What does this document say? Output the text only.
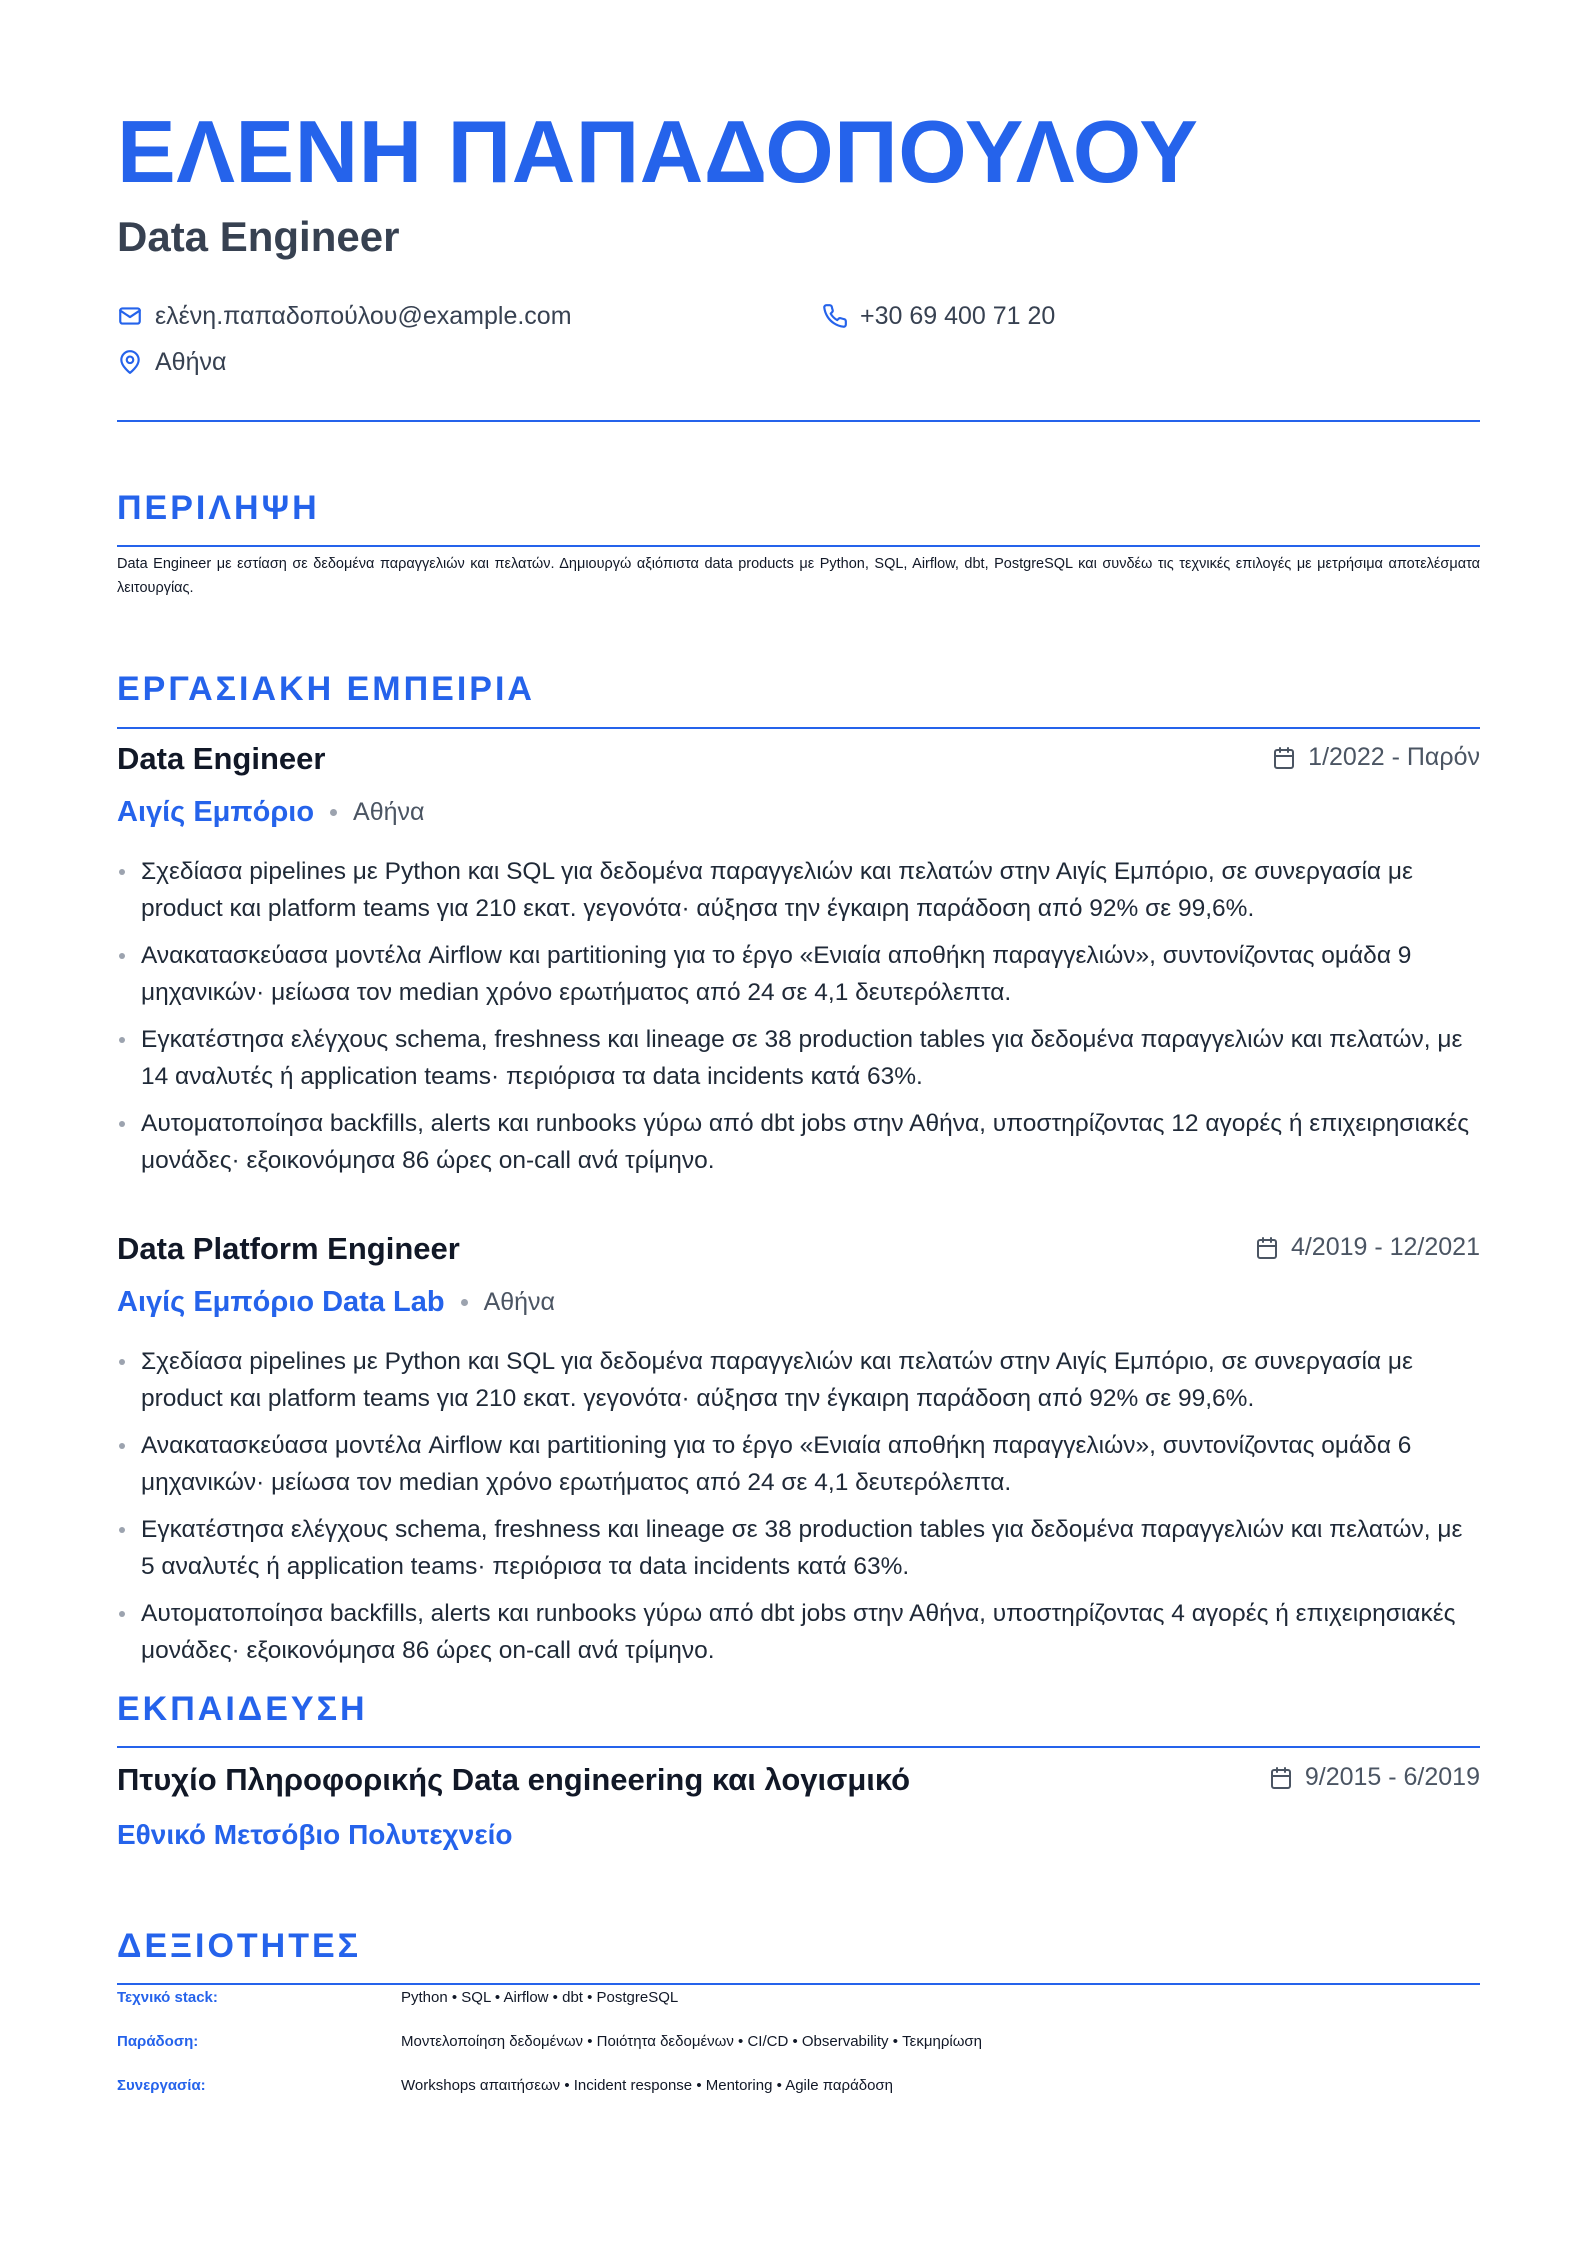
ΕΛΕΝΗ ΠΑΠΑΔΟΠΟΥΛΟΥ
Data Engineer
ελένη.παπαδοπούλου@example.com	+30 69 400 71 20
Αθήνα
ΠΕΡΙΛΗΨΗ

Data Engineer με εστίαση σε δεδομένα παραγγελιών και πελατών. Δημιουργώ αξιόπιστα data products με Python, SQL, Airflow, dbt, PostgreSQL και συνδέω τις τεχνικές επιλογές με μετρήσιμα αποτελέσματα λειτουργίας.

ΕΡΓΑΣΙΑΚΗ ΕΜΠΕΙΡΙΑ
Data Engineer	1/2022 - Παρόν
Αιγίς Εμπόριο Αθήνα
Σχεδίασα pipelines με Python και SQL για δεδομένα παραγγελιών και πελατών στην Αιγίς Εμπόριο, σε συνεργασία με product και platform teams για 210 εκατ. γεγονότα· αύξησα την έγκαιρη παράδοση από 92% σε 99,6%.
Ανακατασκεύασα μοντέλα Airflow και partitioning για το έργο «Ενιαία αποθήκη παραγγελιών», συντονίζοντας ομάδα 9 μηχανικών· μείωσα τον median χρόνο ερωτήματος από 24 σε 4,1 δευτερόλεπτα.
Εγκατέστησα ελέγχους schema, freshness και lineage σε 38 production tables για δεδομένα παραγγελιών και πελατών, με 14 αναλυτές ή application teams· περιόρισα τα data incidents κατά 63%.
Αυτοματοποίησα backfills, alerts και runbooks γύρω από dbt jobs στην Αθήνα, υποστηρίζοντας 12 αγορές ή επιχειρησιακές μονάδες· εξοικονόμησα 86 ώρες on-call ανά τρίμηνο.
Data Platform Engineer	4/2019 - 12/2021
Αιγίς Εμπόριο Data Lab Αθήνα
Σχεδίασα pipelines με Python και SQL για δεδομένα παραγγελιών και πελατών στην Αιγίς Εμπόριο, σε συνεργασία με product και platform teams για 210 εκατ. γεγονότα· αύξησα την έγκαιρη παράδοση από 92% σε 99,6%.
Ανακατασκεύασα μοντέλα Airflow και partitioning για το έργο «Ενιαία αποθήκη παραγγελιών», συντονίζοντας ομάδα 6 μηχανικών· μείωσα τον median χρόνο ερωτήματος από 24 σε 4,1 δευτερόλεπτα.
Εγκατέστησα ελέγχους schema, freshness και lineage σε 38 production tables για δεδομένα παραγγελιών και πελατών, με 5 αναλυτές ή application teams· περιόρισα τα data incidents κατά 63%.
Αυτοματοποίησα backfills, alerts και runbooks γύρω από dbt jobs στην Αθήνα, υποστηρίζοντας 4 αγορές ή επιχειρησιακές μονάδες· εξοικονόμησα 86 ώρες on-call ανά τρίμηνο.
ΕΚΠΑΙΔΕΥΣΗ
Πτυχίο Πληροφορικής Data engineering και λογισμικό	9/2015 - 6/2019
Εθνικό Μετσόβιο Πολυτεχνείο
ΔΕΞΙΟΤΗΤΕΣ
Τεχνικό stack:	Python • SQL • Airflow • dbt • PostgreSQL
Παράδοση:	Μοντελοποίηση δεδομένων • Ποιότητα δεδομένων • CI/CD • Observability • Τεκμηρίωση
Συνεργασία:	Workshops απαιτήσεων • Incident response • Mentoring • Agile παράδοση
